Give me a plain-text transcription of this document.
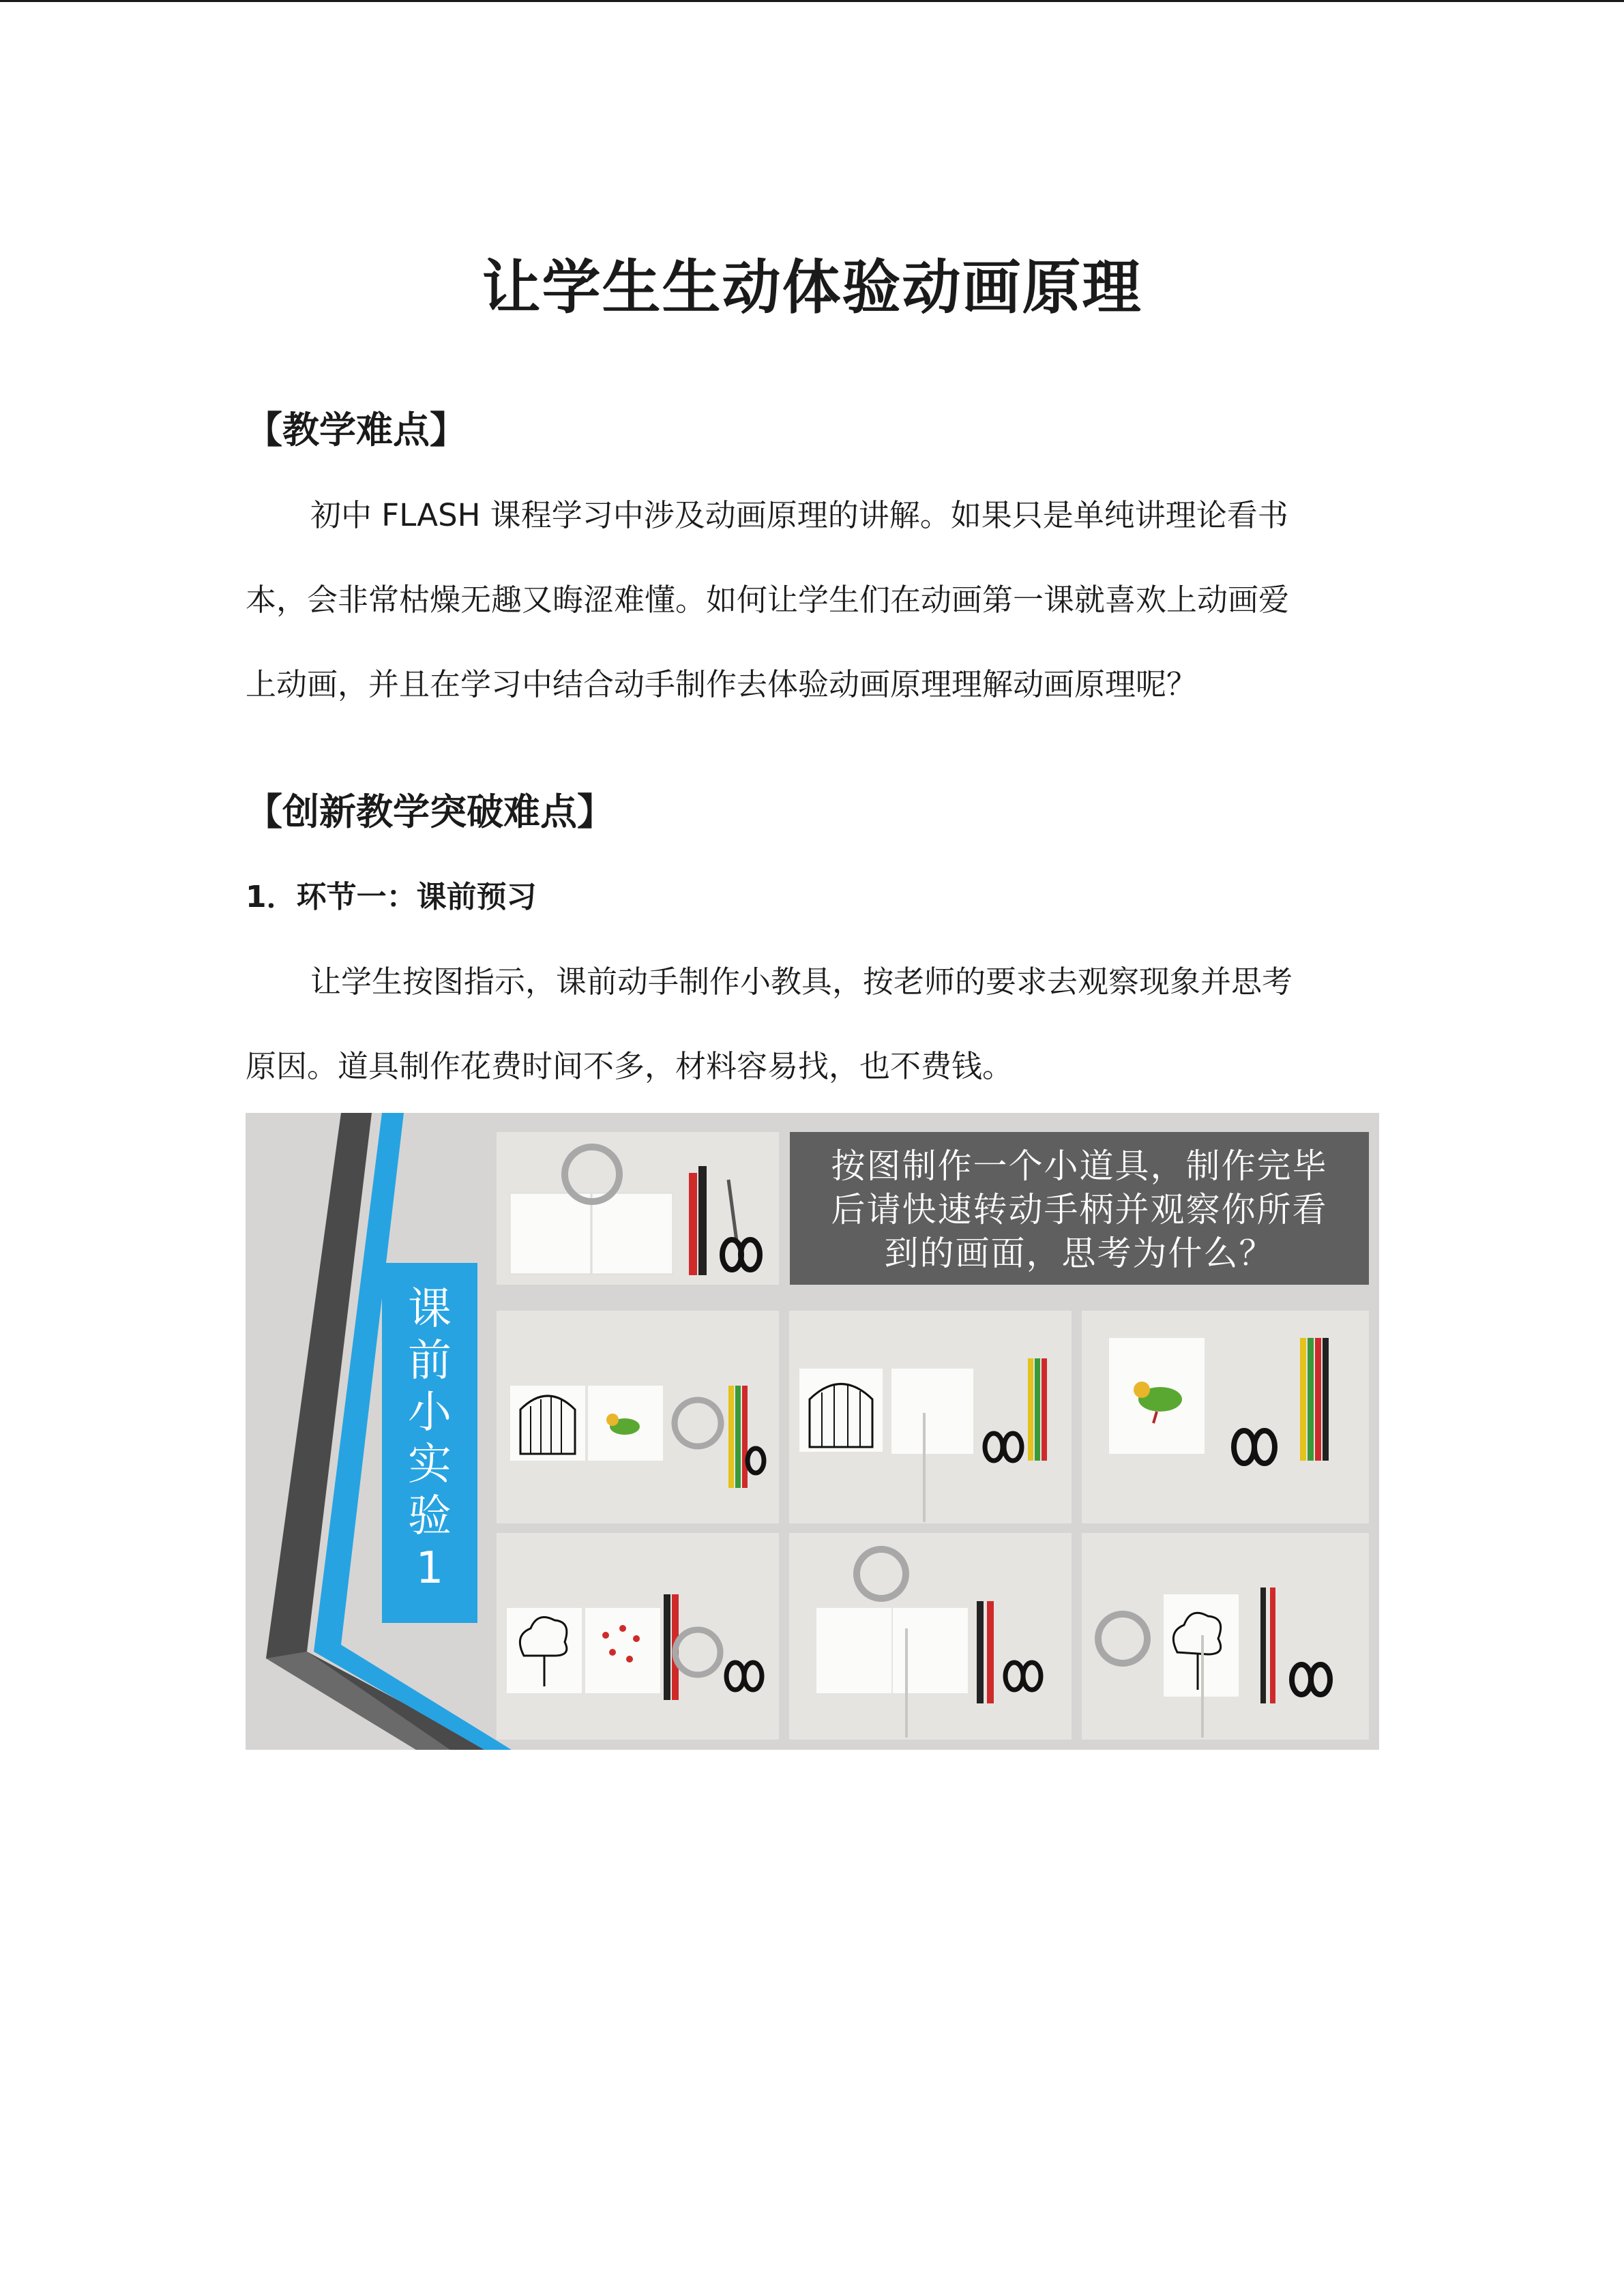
让学生生动体验动画原理
【教学难点】
初中 FLASH 课程学习中涉及动画原理的讲解。如果只是单纯讲理论看书
本，会非常枯燥无趣又晦涩难懂。如何让学生们在动画第一课就喜欢上动画爱
上动画，并且在学习中结合动手制作去体验动画原理理解动画原理呢？
【创新教学突破难点】
1．环节一：课前预习
让学生按图指示，课前动手制作小教具，按老师的要求去观察现象并思考
原因。道具制作花费时间不多，材料容易找，也不费钱。
课
前
小
实
验
1
按图制作一个小道具，制作完毕
后请快速转动手柄并观察你所看
到的画面，思考为什么？
